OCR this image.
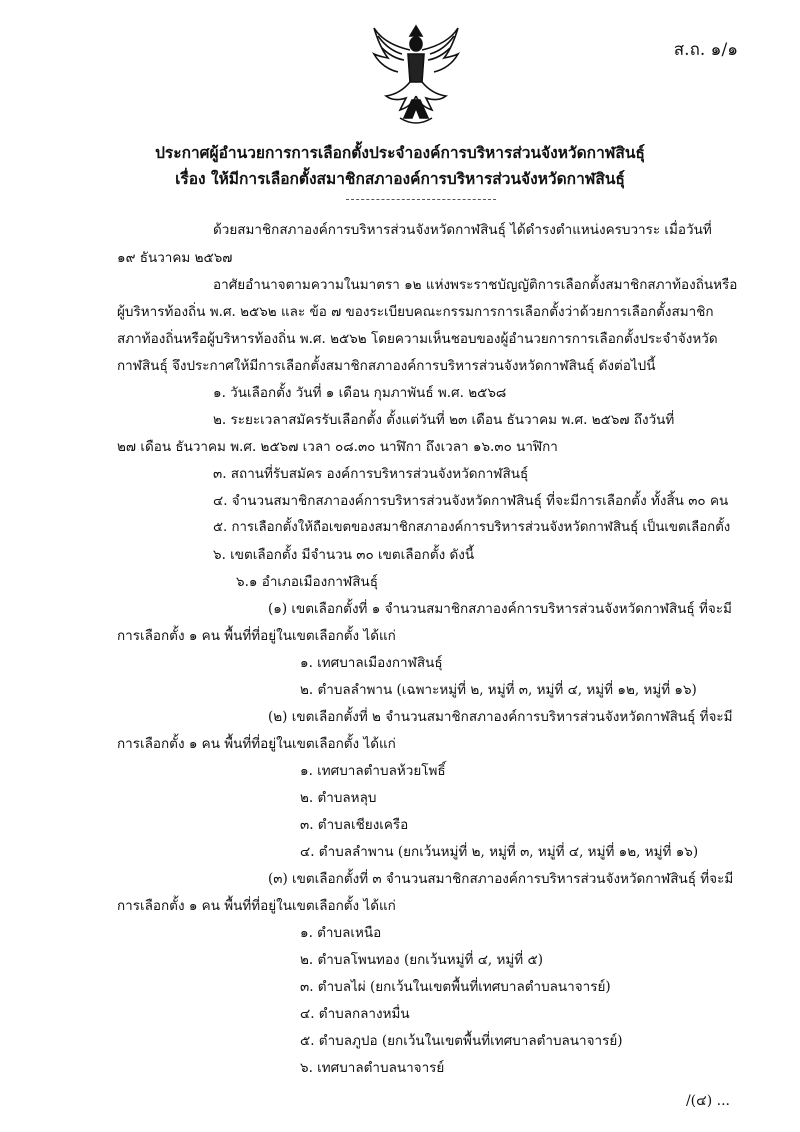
ส.ถ. ๑/๑
ประกาศผู้อำนวยการการเลือกตั้งประจำองค์การบริหารส่วนจังหวัดกาฬสินธุ์
เรื่อง ให้มีการเลือกตั้งสมาชิกสภาองค์การบริหารส่วนจังหวัดกาฬสินธุ์
ด้วยสมาชิกสภาองค์การบริหารส่วนจังหวัดกาฬสินธุ์ ได้ดำรงตำแหน่งครบวาระ เมื่อวันที่
๑๙ ธันวาคม ๒๕๖๗
อาศัยอำนาจตามความในมาตรา ๑๒ แห่งพระราชบัญญัติการเลือกตั้งสมาชิกสภาท้องถิ่นหรือ
ผู้บริหารท้องถิ่น พ.ศ. ๒๕๖๒ และ ข้อ ๗ ของระเบียบคณะกรรมการการเลือกตั้งว่าด้วยการเลือกตั้งสมาชิก
สภาท้องถิ่นหรือผู้บริหารท้องถิ่น พ.ศ. ๒๕๖๒ โดยความเห็นชอบของผู้อำนวยการการเลือกตั้งประจำจังหวัด
กาฬสินธุ์ จึงประกาศให้มีการเลือกตั้งสมาชิกสภาองค์การบริหารส่วนจังหวัดกาฬสินธุ์ ดังต่อไปนี้
๑. วันเลือกตั้ง วันที่ ๑ เดือน กุมภาพันธ์ พ.ศ. ๒๕๖๘
๒. ระยะเวลาสมัครรับเลือกตั้ง ตั้งแต่วันที่ ๒๓ เดือน ธันวาคม พ.ศ. ๒๕๖๗ ถึงวันที่
๒๗ เดือน ธันวาคม พ.ศ. ๒๕๖๗ เวลา ๐๘.๓๐ นาฬิกา ถึงเวลา ๑๖.๓๐ นาฬิกา
๓. สถานที่รับสมัคร องค์การบริหารส่วนจังหวัดกาฬสินธุ์
๔. จำนวนสมาชิกสภาองค์การบริหารส่วนจังหวัดกาฬสินธุ์ ที่จะมีการเลือกตั้ง ทั้งสิ้น ๓๐ คน
๕. การเลือกตั้งให้ถือเขตของสมาชิกสภาองค์การบริหารส่วนจังหวัดกาฬสินธุ์ เป็นเขตเลือกตั้ง
๖. เขตเลือกตั้ง มีจำนวน ๓๐ เขตเลือกตั้ง ดังนี้
๖.๑ อำเภอเมืองกาฬสินธุ์
(๑) เขตเลือกตั้งที่ ๑ จำนวนสมาชิกสภาองค์การบริหารส่วนจังหวัดกาฬสินธุ์ ที่จะมี
การเลือกตั้ง ๑ คน พื้นที่ที่อยู่ในเขตเลือกตั้ง ได้แก่
๑. เทศบาลเมืองกาฬสินธุ์
๒. ตำบลลำพาน (เฉพาะหมู่ที่ ๒, หมู่ที่ ๓, หมู่ที่ ๔, หมู่ที่ ๑๒, หมู่ที่ ๑๖)
(๒) เขตเลือกตั้งที่ ๒ จำนวนสมาชิกสภาองค์การบริหารส่วนจังหวัดกาฬสินธุ์ ที่จะมี
การเลือกตั้ง ๑ คน พื้นที่ที่อยู่ในเขตเลือกตั้ง ได้แก่
๑. เทศบาลตำบลห้วยโพธิ์
๒. ตำบลหลุบ
๓. ตำบลเชียงเครือ
๔. ตำบลลำพาน (ยกเว้นหมู่ที่ ๒, หมู่ที่ ๓, หมู่ที่ ๔, หมู่ที่ ๑๒, หมู่ที่ ๑๖)
(๓) เขตเลือกตั้งที่ ๓ จำนวนสมาชิกสภาองค์การบริหารส่วนจังหวัดกาฬสินธุ์ ที่จะมี
การเลือกตั้ง ๑ คน พื้นที่ที่อยู่ในเขตเลือกตั้ง ได้แก่
๑. ตำบลเหนือ
๒. ตำบลโพนทอง (ยกเว้นหมู่ที่ ๔, หมู่ที่ ๕)
๓. ตำบลไผ่ (ยกเว้นในเขตพื้นที่เทศบาลตำบลนาจารย์)
๔. ตำบลกลางหมื่น
๕. ตำบลภูปอ (ยกเว้นในเขตพื้นที่เทศบาลตำบลนาจารย์)
๖. เทศบาลตำบลนาจารย์
/(๔) ...
